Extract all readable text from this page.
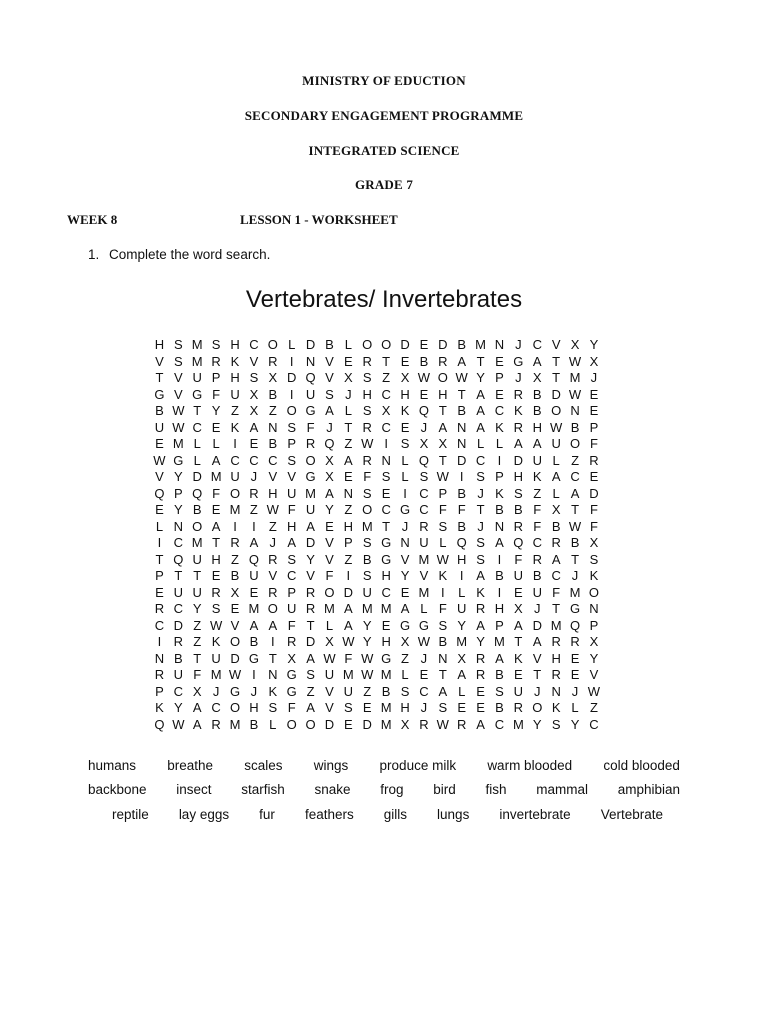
MINISTRY OF EDUCTION
SECONDARY ENGAGEMENT PROGRAMME
INTEGRATED SCIENCE
GRADE 7
WEEK 8	LESSON 1 - WORKSHEET
1. Complete the word search.
Vertebrates/ Invertebrates
H S M S H C O L D B L O O D E D B M N J C V X Y
V S M R K V R I N V E R T E B R A T E G A T W X
T V U P H S X D Q V X S Z X W O W Y P J X T M J
G V G F U X B I U S J H C H E H T A E R B D W E
B W T Y Z X Z O G A L S X K Q T B A C K B O N E
U W C E K A N S F J T R C E J A N A K R H W B P
E M L L I E B P R Q Z W I S X X N L L A A U O F
W G L A C C C S O X A R N L Q T D C I D U L Z R
V Y D M U J V V G X E F S L S W I S P H K A C E
Q P Q F O R H U M A N S E I C P B J K S Z L A D
E Y B E M Z W F U Y Z O C G C F F T B B F X T F
L N O A I I Z H A E H M T J R S B J N R F B W F
I C M T R A J A D V P S G N U L Q S A Q C R B X
T Q U H Z Q R S Y V Z B G V M W H S I F R A T S
P T T E B U V C V F I S H Y V K I A B U B C J K
E U U R X E R P R O D U C E M I L K I E U F M O
R C Y S E M O U R M A M M A L F U R H X J T G N
C D Z W V A A F T L A Y E G G S Y A P A D M Q P
I R Z K O B I R D X W Y H X W B M Y M T A R R X
N B T U D G T X A W F W G Z J N X R A K V H E Y
R U F M W I N G S U M W M L E T A R B E T R E V
P C X J G J K G Z V U Z B S C A L E S U J N J W
K Y A C O H S F A V S E M H J S E E B R O K L Z
Q W A R M B L O O D E D M X R W R A C M Y S Y C
humans breathe scales wings produce milk warm blooded cold blooded
backbone insect starfish snake frog bird fish mammal amphibian
reptile lay eggs fur feathers gills lungs invertebrate Vertebrate
